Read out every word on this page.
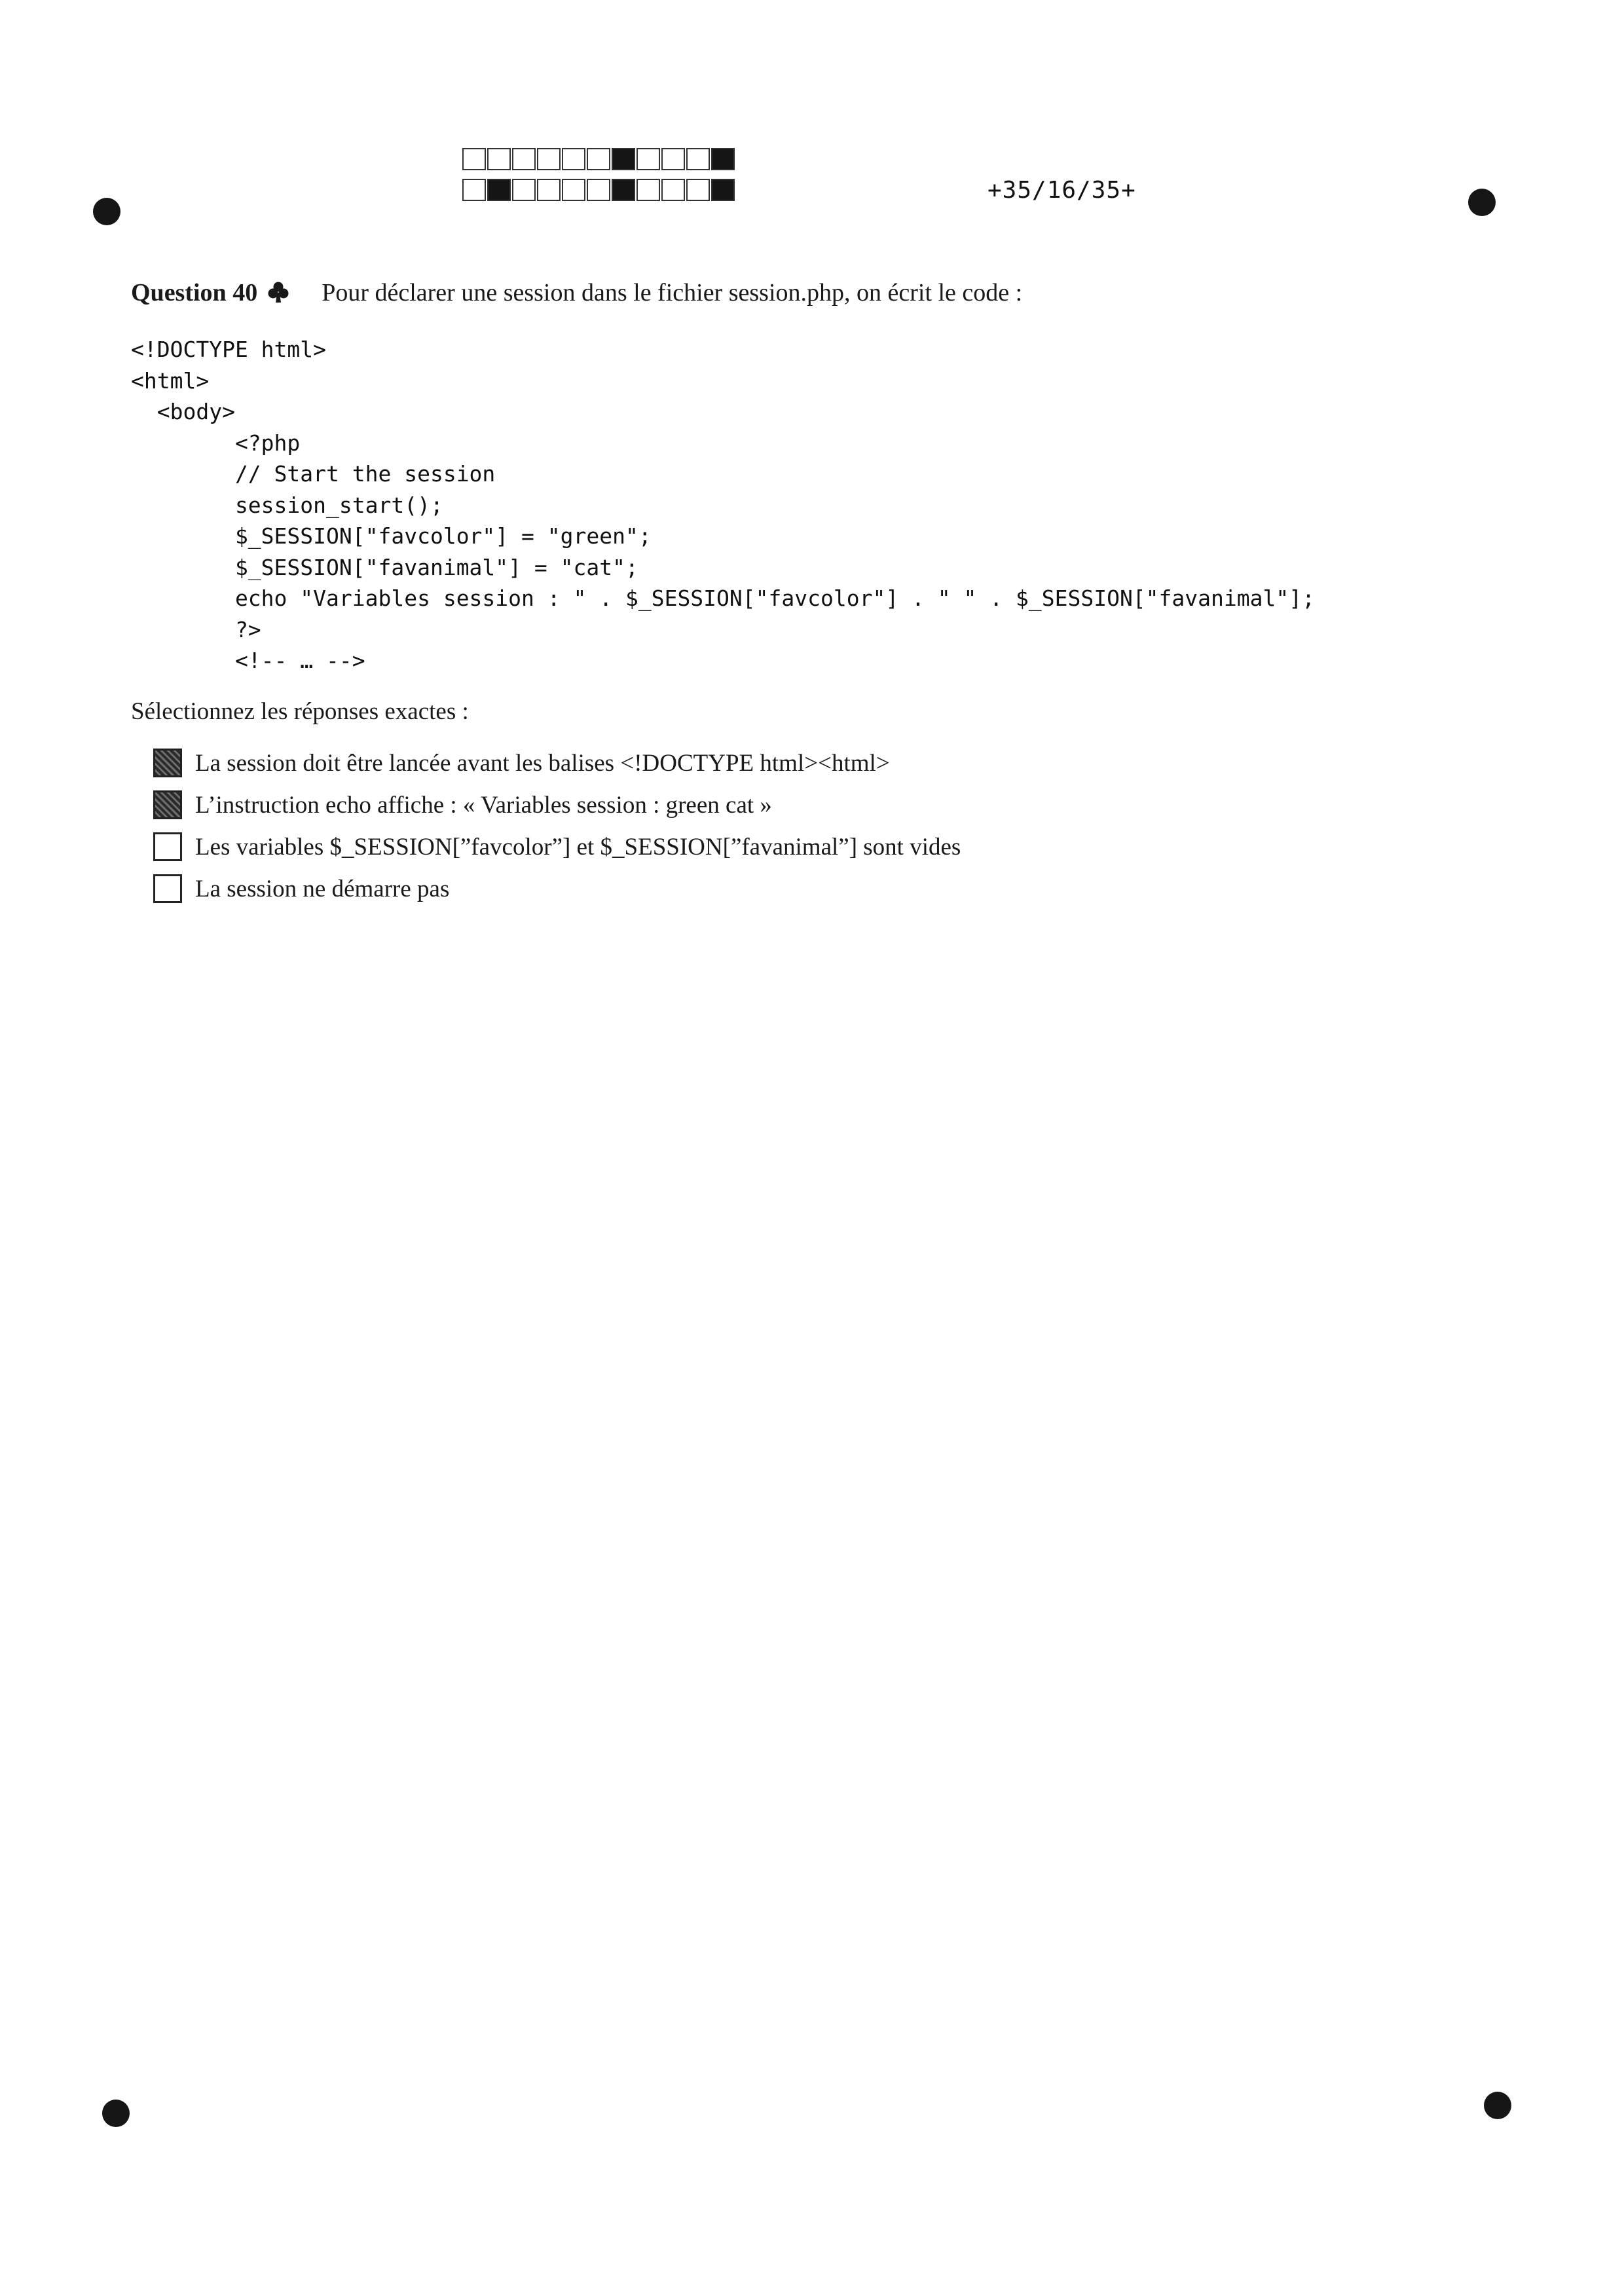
+35/16/35+
Question 40	Pour déclarer une session dans le fichier session.php, on écrit le code :
<!DOCTYPE html>
<html>
<body>
<?php
// Start the session
session_start();
$_SESSION["favcolor"] = "green";
$_SESSION["favanimal"] = "cat";
echo "Variables session : " . $_SESSION["favcolor"] . " " . $_SESSION["favanimal"];
?>
<!-- … -->
Sélectionnez les réponses exactes :
La session doit être lancée avant les balises <!DOCTYPE html><html>
L’instruction echo affiche : « Variables session : green cat »
Les variables $_SESSION[”favcolor”] et $_SESSION[”favanimal”] sont vides
La session ne démarre pas
